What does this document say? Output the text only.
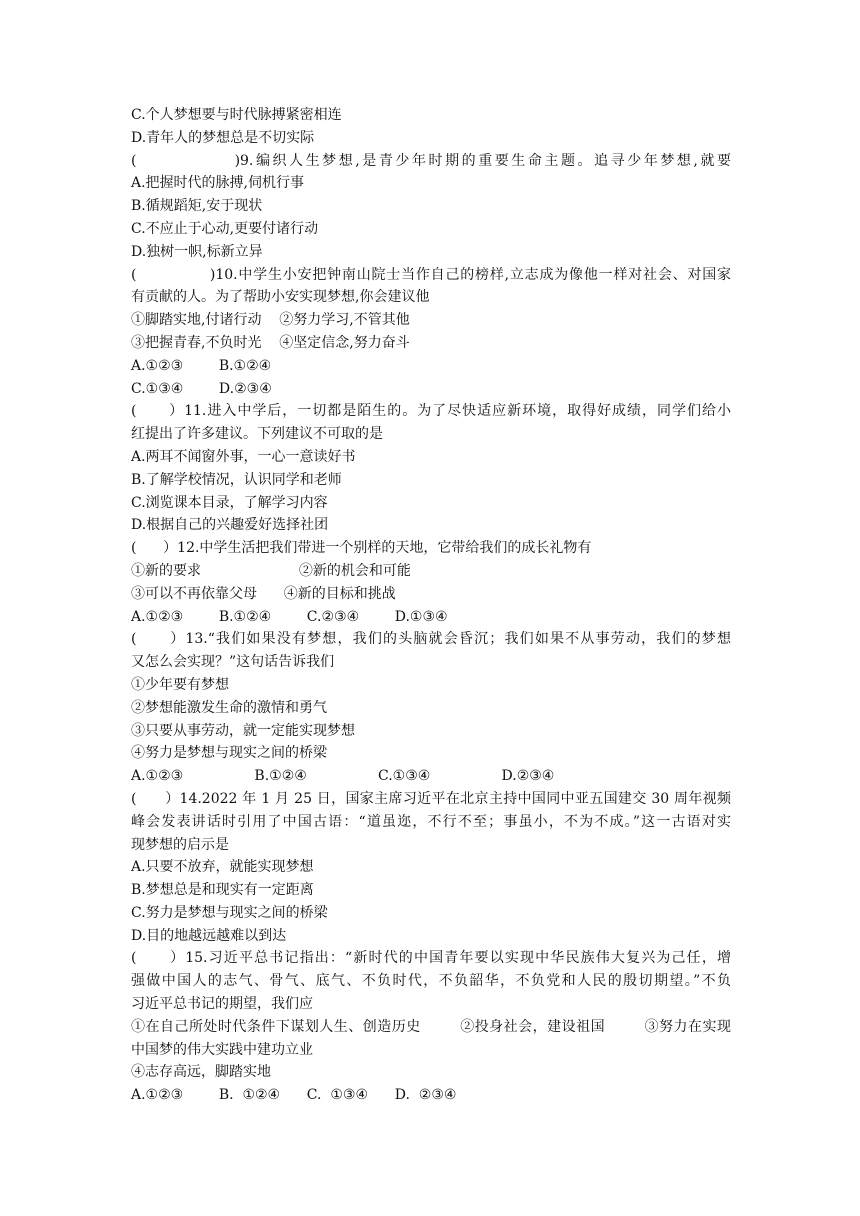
C.个人梦想要与时代脉搏紧密相连
D.青年人的梦想总是不切实际
(              )9.编织人生梦想,是青少年时期的重要生命主题。追寻少年梦想,就要
A.把握时代的脉搏,伺机行事
B.循规蹈矩,安于现状
C.不应止于心动,更要付诸行动
D.独树一帜,标新立异
(              )10.中学生小安把钟南山院士当作自己的榜样,立志成为像他一样对社会、对国家
有贡献的人。为了帮助小安实现梦想,你会建议他
①脚踏实地,付诸行动    ②努力学习,不管其他
③把握青春,不负时光    ④坚定信念,努力奋斗
A.①②③        B.①②④
C.①③④        D.②③④
(      ）11.进入中学后，一切都是陌生的。为了尽快适应新环境，取得好成绩，同学们给小
红提出了许多建议。下列建议不可取的是
A.两耳不闻窗外事，一心一意读好书
B.了解学校情况，认识同学和老师
C.浏览课本目录，了解学习内容
D.根据自己的兴趣爱好选择社团
(      ）12.中学生活把我们带进一个别样的天地，它带给我们的成长礼物有
①新的要求                      ②新的机会和可能
③可以不再依靠父母      ④新的目标和挑战
A.①②③        B.①②④        C.②③④        D.①③④
(      ）13.“我们如果没有梦想，我们的头脑就会昏沉；我们如果不从事劳动，我们的梦想
又怎么会实现？”这句话告诉我们
①少年要有梦想
②梦想能激发生命的激情和勇气
③只要从事劳动，就一定能实现梦想
④努力是梦想与现实之间的桥梁
A.①②③                B.①②④                C.①③④                D.②③④
(      ）14.2022 年 1 月 25 日，国家主席习近平在北京主持中国同中亚五国建交 30 周年视频
峰会发表讲话时引用了中国古语：“道虽迩，不行不至；事虽小，不为不成。”这一古语对实
现梦想的启示是
A.只要不放弃，就能实现梦想
B.梦想总是和现实有一定距离
C.努力是梦想与现实之间的桥梁
D.目的地越远越难以到达
(      ）15.习近平总书记指出：“新时代的中国青年要以实现中华民族伟大复兴为己任，增
强做中国人的志气、骨气、底气、不负时代，不负韶华，不负党和人民的殷切期望。”不负
习近平总书记的期望，我们应
①在自己所处时代条件下谋划人生、创造历史        ②投身社会，建设祖国        ③努力在实现
中国梦的伟大实践中建功立业
④志存高远，脚踏实地
A.①②③        B.  ①②④      C.  ①③④      D.  ②③④
